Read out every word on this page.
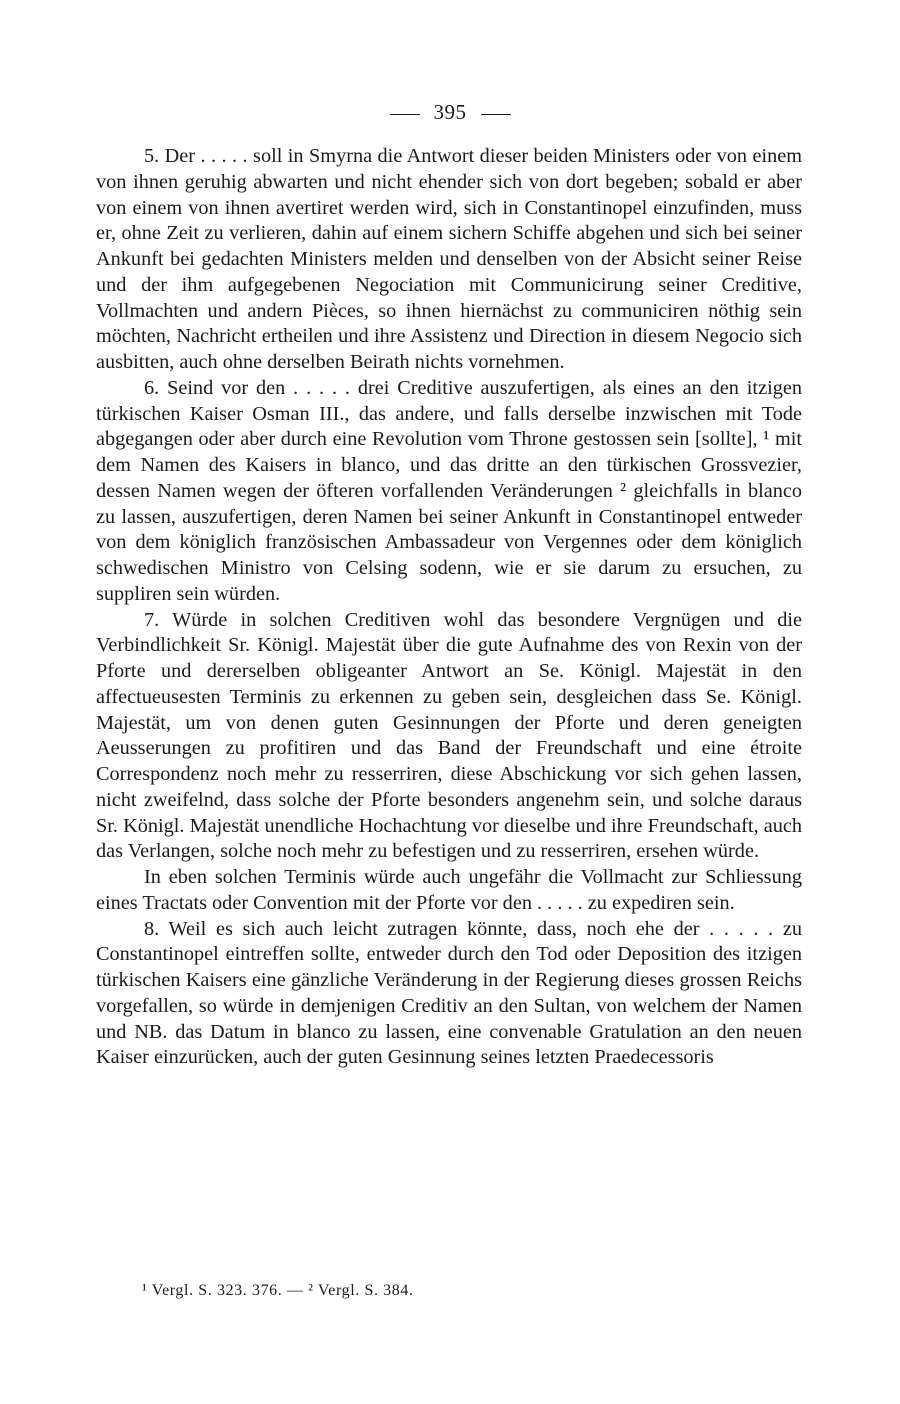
395

5. Der . . . . . soll in Smyrna die Antwort dieser beiden Ministers oder von einem von ihnen geruhig abwarten und nicht ehender sich von dort begeben; sobald er aber von einem von ihnen avertiret werden wird, sich in Constantinopel einzufinden, muss er, ohne Zeit zu verlieren, dahin auf einem sichern Schiffe abgehen und sich bei seiner Ankunft bei gedachten Ministers melden und denselben von der Absicht seiner Reise und der ihm aufgegebenen Negociation mit Communicirung seiner Creditive, Vollmachten und andern Pièces, so ihnen hiernächst zu communiciren nöthig sein möchten, Nachricht ertheilen und ihre Assistenz und Direction in diesem Negocio sich ausbitten, auch ohne derselben Beirath nichts vornehmen.

6. Seind vor den . . . . . drei Creditive auszufertigen, als eines an den itzigen türkischen Kaiser Osman III., das andere, und falls derselbe inzwischen mit Tode abgegangen oder aber durch eine Revolution vom Throne gestossen sein [sollte], ¹ mit dem Namen des Kaisers in blanco, und das dritte an den türkischen Grossvezier, dessen Namen wegen der öfteren vorfallenden Veränderungen ² gleichfalls in blanco zu lassen, auszufertigen, deren Namen bei seiner Ankunft in Constantinopel entweder von dem königlich französischen Ambassadeur von Vergennes oder dem königlich schwedischen Ministro von Celsing sodenn, wie er sie darum zu ersuchen, zu suppliren sein würden.

7. Würde in solchen Creditiven wohl das besondere Vergnügen und die Verbindlichkeit Sr. Königl. Majestät über die gute Aufnahme des von Rexin von der Pforte und dererselben obligeanter Antwort an Se. Königl. Majestät in den affectueusesten Terminis zu erkennen zu geben sein, desgleichen dass Se. Königl. Majestät, um von denen guten Gesinnungen der Pforte und deren geneigten Aeusserungen zu profitiren und das Band der Freundschaft und eine étroite Correspondenz noch mehr zu resserriren, diese Abschickung vor sich gehen lassen, nicht zweifelnd, dass solche der Pforte besonders angenehm sein, und solche daraus Sr. Königl. Majestät unendliche Hochachtung vor dieselbe und ihre Freundschaft, auch das Verlangen, solche noch mehr zu befestigen und zu resserriren, ersehen würde.

In eben solchen Terminis würde auch ungefähr die Vollmacht zur Schliessung eines Tractats oder Convention mit der Pforte vor den . . . . . zu expediren sein.

8. Weil es sich auch leicht zutragen könnte, dass, noch ehe der . . . . . zu Constantinopel eintreffen sollte, entweder durch den Tod oder Deposition des itzigen türkischen Kaisers eine gänzliche Veränderung in der Regierung dieses grossen Reichs vorgefallen, so würde in demjenigen Creditiv an den Sultan, von welchem der Namen und NB. das Datum in blanco zu lassen, eine convenable Gratulation an den neuen Kaiser einzurücken, auch der guten Gesinnung seines letzten Praedecessoris

¹ Vergl. S. 323. 376. — ² Vergl. S. 384.
